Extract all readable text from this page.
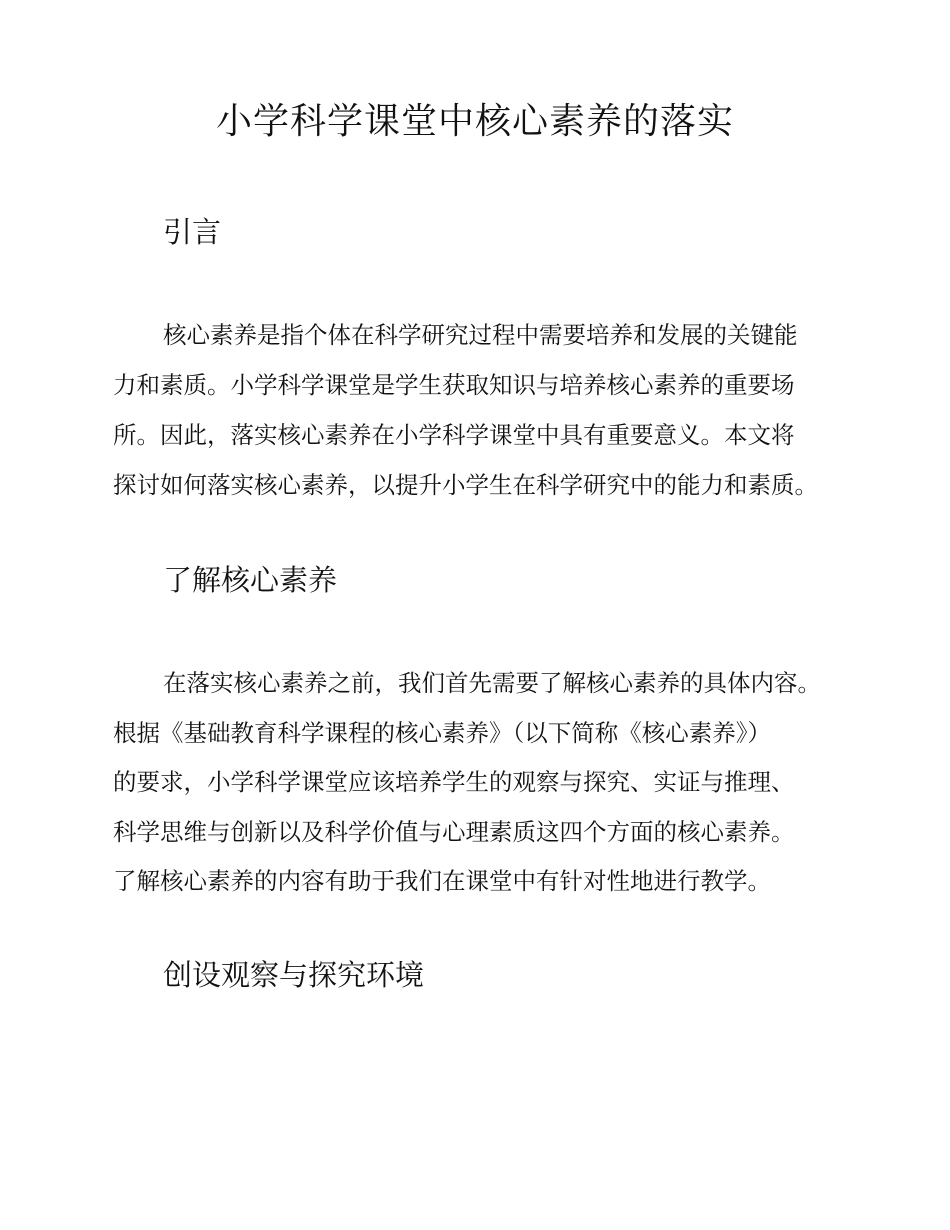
小学科学课堂中核心素养的落实
引言

核心素养是指个体在科学研究过程中需要培养和发展的关键能

力和素质。小学科学课堂是学生获取知识与培养核心素养的重要场

所。因此，落实核心素养在小学科学课堂中具有重要意义。本文将

探讨如何落实核心素养，以提升小学生在科学研究中的能力和素质。

了解核心素养

在落实核心素养之前，我们首先需要了解核心素养的具体内容。

根据《基础教育科学课程的核心素养》（以下简称《核心素养》）

的要求，小学科学课堂应该培养学生的观察与探究、实证与推理、

科学思维与创新以及科学价值与心理素质这四个方面的核心素养。

了解核心素养的内容有助于我们在课堂中有针对性地进行教学。

创设观察与探究环境
